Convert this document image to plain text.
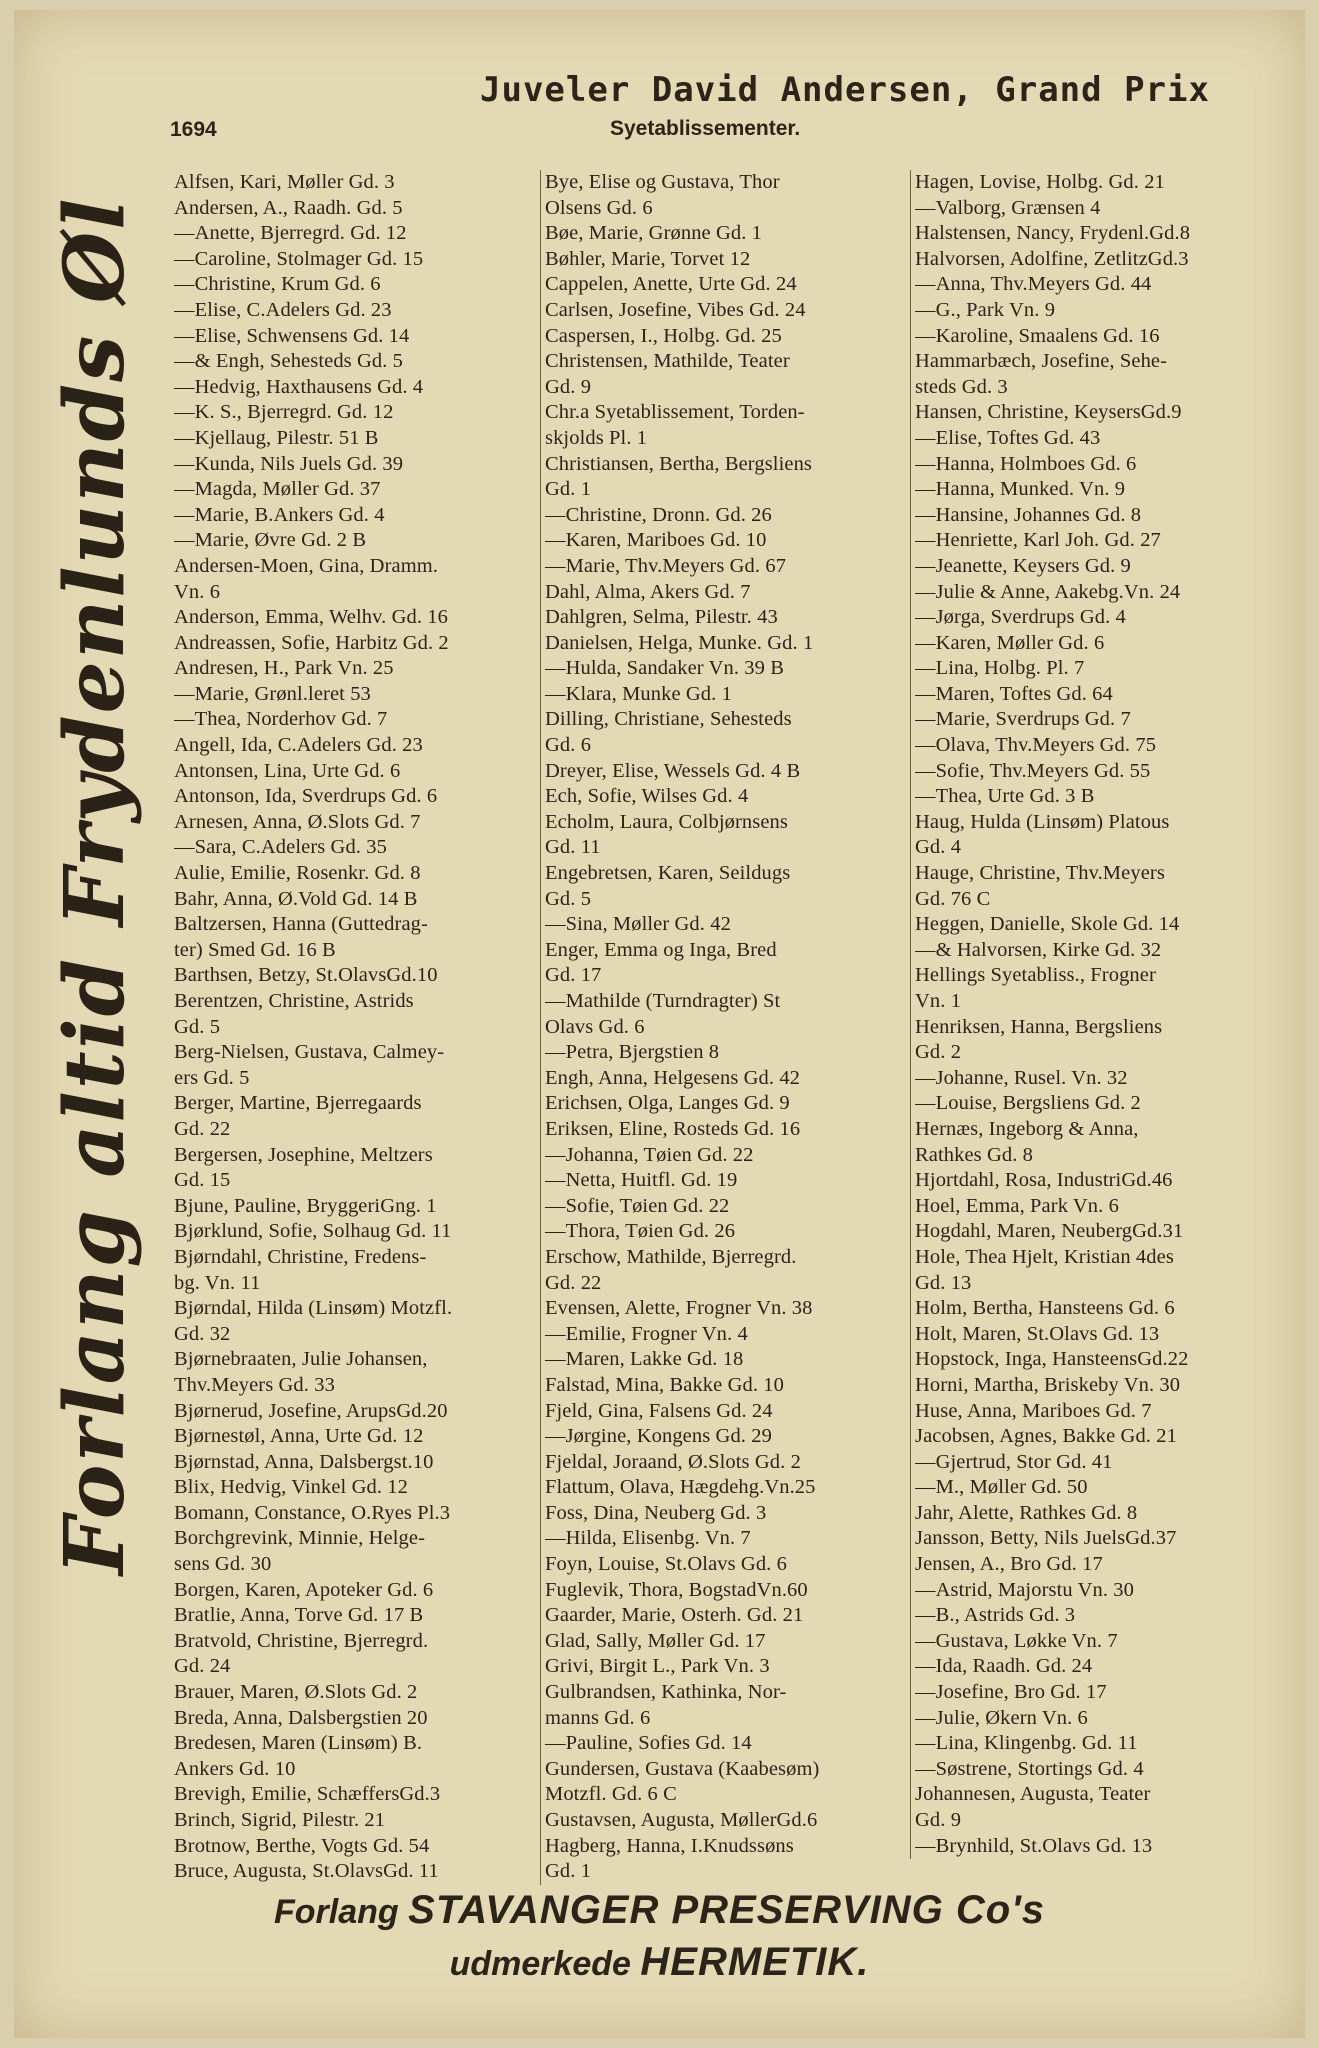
Juveler David Andersen, Grand Prix
1694	Syetablissementer.
Forlang altid Frydenlunds Øl
Alfsen, Kari, Møller Gd. 3
Andersen, A., Raadh. Gd. 5
—Anette, Bjerregrd. Gd. 12
—Caroline, Stolmager Gd. 15
—Christine, Krum Gd. 6
—Elise, C.Adelers Gd. 23
—Elise, Schwensens Gd. 14
—& Engh, Sehesteds Gd. 5
—Hedvig, Haxthausens Gd. 4
—K. S., Bjerregrd. Gd. 12
—Kjellaug, Pilestr. 51 B
—Kunda, Nils Juels Gd. 39
—Magda, Møller Gd. 37
—Marie, B.Ankers Gd. 4
—Marie, Øvre Gd. 2 B
Andersen-Moen, Gina, Dramm.
Vn. 6
Anderson, Emma, Welhv. Gd. 16
Andreassen, Sofie, Harbitz Gd. 2
Andresen, H., Park Vn. 25
—Marie, Grønl.leret 53
—Thea, Norderhov Gd. 7
Angell, Ida, C.Adelers Gd. 23
Antonsen, Lina, Urte Gd. 6
Antonson, Ida, Sverdrups Gd. 6
Arnesen, Anna, Ø.Slots Gd. 7
—Sara, C.Adelers Gd. 35
Aulie, Emilie, Rosenkr. Gd. 8
Bahr, Anna, Ø.Vold Gd. 14 B
Baltzersen, Hanna (Guttedrag-
ter) Smed Gd. 16 B
Barthsen, Betzy, St.OlavsGd.10
Berentzen, Christine, Astrids
Gd. 5
Berg-Nielsen, Gustava, Calmey-
ers Gd. 5
Berger, Martine, Bjerregaards
Gd. 22
Bergersen, Josephine, Meltzers
Gd. 15
Bjune, Pauline, BryggeriGng. 1
Bjørklund, Sofie, Solhaug Gd. 11
Bjørndahl, Christine, Fredens-
bg. Vn. 11
Bjørndal, Hilda (Linsøm) Motzfl.
Gd. 32
Bjørnebraaten, Julie Johansen,
Thv.Meyers Gd. 33
Bjørnerud, Josefine, ArupsGd.20
Bjørnestøl, Anna, Urte Gd. 12
Bjørnstad, Anna, Dalsbergst.10
Blix, Hedvig, Vinkel Gd. 12
Bomann, Constance, O.Ryes Pl.3
Borchgrevink, Minnie, Helge-
sens Gd. 30
Borgen, Karen, Apoteker Gd. 6
Bratlie, Anna, Torve Gd. 17 B
Bratvold, Christine, Bjerregrd.
Gd. 24
Brauer, Maren, Ø.Slots Gd. 2
Breda, Anna, Dalsbergstien 20
Bredesen, Maren (Linsøm) B.
Ankers Gd. 10
Brevigh, Emilie, SchæffersGd.3
Brinch, Sigrid, Pilestr. 21
Brotnow, Berthe, Vogts Gd. 54
Bruce, Augusta, St.OlavsGd. 11
Bye, Elise og Gustava, Thor
Olsens Gd. 6
Bøe, Marie, Grønne Gd. 1
Bøhler, Marie, Torvet 12
Cappelen, Anette, Urte Gd. 24
Carlsen, Josefine, Vibes Gd. 24
Caspersen, I., Holbg. Gd. 25
Christensen, Mathilde, Teater
Gd. 9
Chr.a Syetablissement, Torden-
skjolds Pl. 1
Christiansen, Bertha, Bergsliens
Gd. 1
—Christine, Dronn. Gd. 26
—Karen, Mariboes Gd. 10
—Marie, Thv.Meyers Gd. 67
Dahl, Alma, Akers Gd. 7
Dahlgren, Selma, Pilestr. 43
Danielsen, Helga, Munke. Gd. 1
—Hulda, Sandaker Vn. 39 B
—Klara, Munke Gd. 1
Dilling, Christiane, Sehesteds
Gd. 6
Dreyer, Elise, Wessels Gd. 4 B
Ech, Sofie, Wilses Gd. 4
Echolm, Laura, Colbjørnsens
Gd. 11
Engebretsen, Karen, Seildugs
Gd. 5
—Sina, Møller Gd. 42
Enger, Emma og Inga, Bred
Gd. 17
—Mathilde (Turndragter) St
Olavs Gd. 6
—Petra, Bjergstien 8
Engh, Anna, Helgesens Gd. 42
Erichsen, Olga, Langes Gd. 9
Eriksen, Eline, Rosteds Gd. 16
—Johanna, Tøien Gd. 22
—Netta, Huitfl. Gd. 19
—Sofie, Tøien Gd. 22
—Thora, Tøien Gd. 26
Erschow, Mathilde, Bjerregrd.
Gd. 22
Evensen, Alette, Frogner Vn. 38
—Emilie, Frogner Vn. 4
—Maren, Lakke Gd. 18
Falstad, Mina, Bakke Gd. 10
Fjeld, Gina, Falsens Gd. 24
—Jørgine, Kongens Gd. 29
Fjeldal, Joraand, Ø.Slots Gd. 2
Flattum, Olava, Hægdehg.Vn.25
Foss, Dina, Neuberg Gd. 3
—Hilda, Elisenbg. Vn. 7
Foyn, Louise, St.Olavs Gd. 6
Fuglevik, Thora, BogstadVn.60
Gaarder, Marie, Osterh. Gd. 21
Glad, Sally, Møller Gd. 17
Grivi, Birgit L., Park Vn. 3
Gulbrandsen, Kathinka, Nor-
manns Gd. 6
—Pauline, Sofies Gd. 14
Gundersen, Gustava (Kaabesøm)
Motzfl. Gd. 6 C
Gustavsen, Augusta, MøllerGd.6
Hagberg, Hanna, I.Knudssøns
Gd. 1
Hagen, Lovise, Holbg. Gd. 21
—Valborg, Grænsen 4
Halstensen, Nancy, Frydenl.Gd.8
Halvorsen, Adolfine, ZetlitzGd.3
—Anna, Thv.Meyers Gd. 44
—G., Park Vn. 9
—Karoline, Smaalens Gd. 16
Hammarbæch, Josefine, Sehe-
steds Gd. 3
Hansen, Christine, KeysersGd.9
—Elise, Toftes Gd. 43
—Hanna, Holmboes Gd. 6
—Hanna, Munked. Vn. 9
—Hansine, Johannes Gd. 8
—Henriette, Karl Joh. Gd. 27
—Jeanette, Keysers Gd. 9
—Julie & Anne, Aakebg.Vn. 24
—Jørga, Sverdrups Gd. 4
—Karen, Møller Gd. 6
—Lina, Holbg. Pl. 7
—Maren, Toftes Gd. 64
—Marie, Sverdrups Gd. 7
—Olava, Thv.Meyers Gd. 75
—Sofie, Thv.Meyers Gd. 55
—Thea, Urte Gd. 3 B
Haug, Hulda (Linsøm) Platous
Gd. 4
Hauge, Christine, Thv.Meyers
Gd. 76 C
Heggen, Danielle, Skole Gd. 14
—& Halvorsen, Kirke Gd. 32
Hellings Syetabliss., Frogner
Vn. 1
Henriksen, Hanna, Bergsliens
Gd. 2
—Johanne, Rusel. Vn. 32
—Louise, Bergsliens Gd. 2
Hernæs, Ingeborg & Anna,
Rathkes Gd. 8
Hjortdahl, Rosa, IndustriGd.46
Hoel, Emma, Park Vn. 6
Hogdahl, Maren, NeubergGd.31
Hole, Thea Hjelt, Kristian 4des
Gd. 13
Holm, Bertha, Hansteens Gd. 6
Holt, Maren, St.Olavs Gd. 13
Hopstock, Inga, HansteensGd.22
Horni, Martha, Briskeby Vn. 30
Huse, Anna, Mariboes Gd. 7
Jacobsen, Agnes, Bakke Gd. 21
—Gjertrud, Stor Gd. 41
—M., Møller Gd. 50
Jahr, Alette, Rathkes Gd. 8
Jansson, Betty, Nils JuelsGd.37
Jensen, A., Bro Gd. 17
—Astrid, Majorstu Vn. 30
—B., Astrids Gd. 3
—Gustava, Løkke Vn. 7
—Ida, Raadh. Gd. 24
—Josefine, Bro Gd. 17
—Julie, Økern Vn. 6
—Lina, Klingenbg. Gd. 11
—Søstrene, Stortings Gd. 4
Johannesen, Augusta, Teater
Gd. 9
—Brynhild, St.Olavs Gd. 13
Forlang STAVANGER PRESERVING Co's
udmerkede HERMETIK.
